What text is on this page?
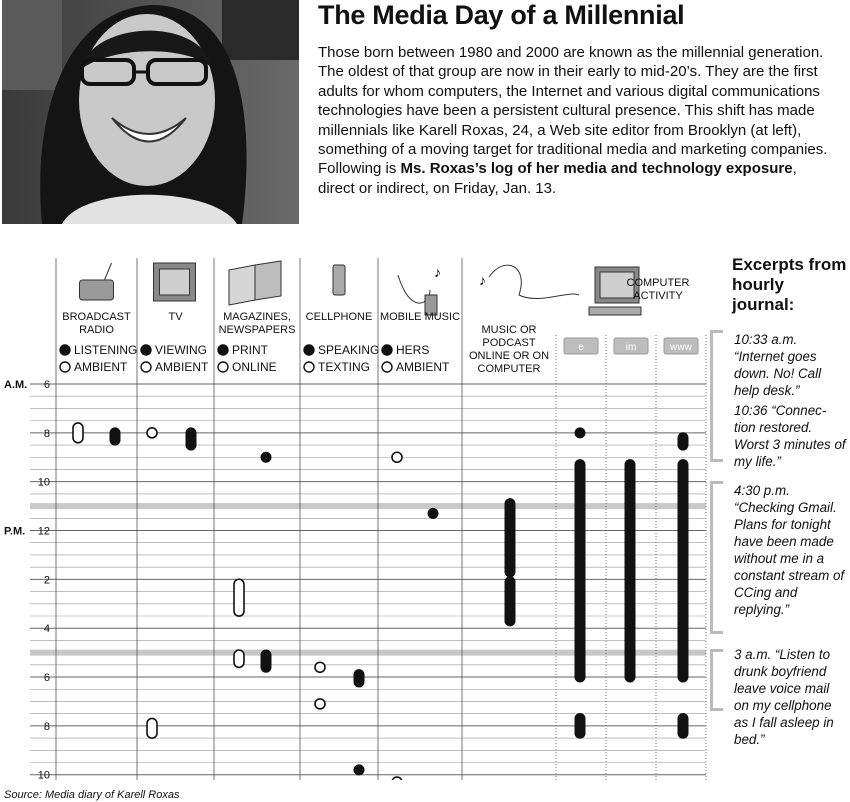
The Media Day of a Millennial

Those born between 1980 and 2000 are known as the millennial generation. The oldest of that group are now in their early to mid-20’s. They are the first adults for whom computers, the Internet and various digital communications technologies have been a persistent cultural presence. This shift has made millennials like Karell Roxas, 24, a Web site editor from Brooklyn (at left), something of a moving target for traditional media and marketing companies. Following is Ms. Roxas’s log of her media and technology exposure,
direct or indirect, on Friday, Jan. 13.

6
8
10
12
2
4
6
8
10
A.M.
P.M.
BROADCAST
RADIO
LISTENING
AMBIENT
TV
VIEWING
AMBIENT
MAGAZINES,
NEWSPAPERS
PRINT
ONLINE
CELLPHONE
SPEAKING
TEXTING
♪
MOBILE MUSIC
HERS
AMBIENT
♪
MUSIC OR
PODCAST
ONLINE OR ON
COMPUTER
COMPUTER
ACTIVITY
e	im	www
Excerpts from hourly journal:
10:33 a.m. “Internet goes down. No! Call help desk.”
10:36 “Connec-tion restored. Worst 3 minutes of my life.”
4:30 p.m. “Checking Gmail. Plans for tonight have been made without me in a constant stream of CCing and replying.”
3 a.m. “Listen to drunk boyfriend leave voice mail on my cellphone as I fall asleep in bed.”
Source: Media diary of Karell Roxas
